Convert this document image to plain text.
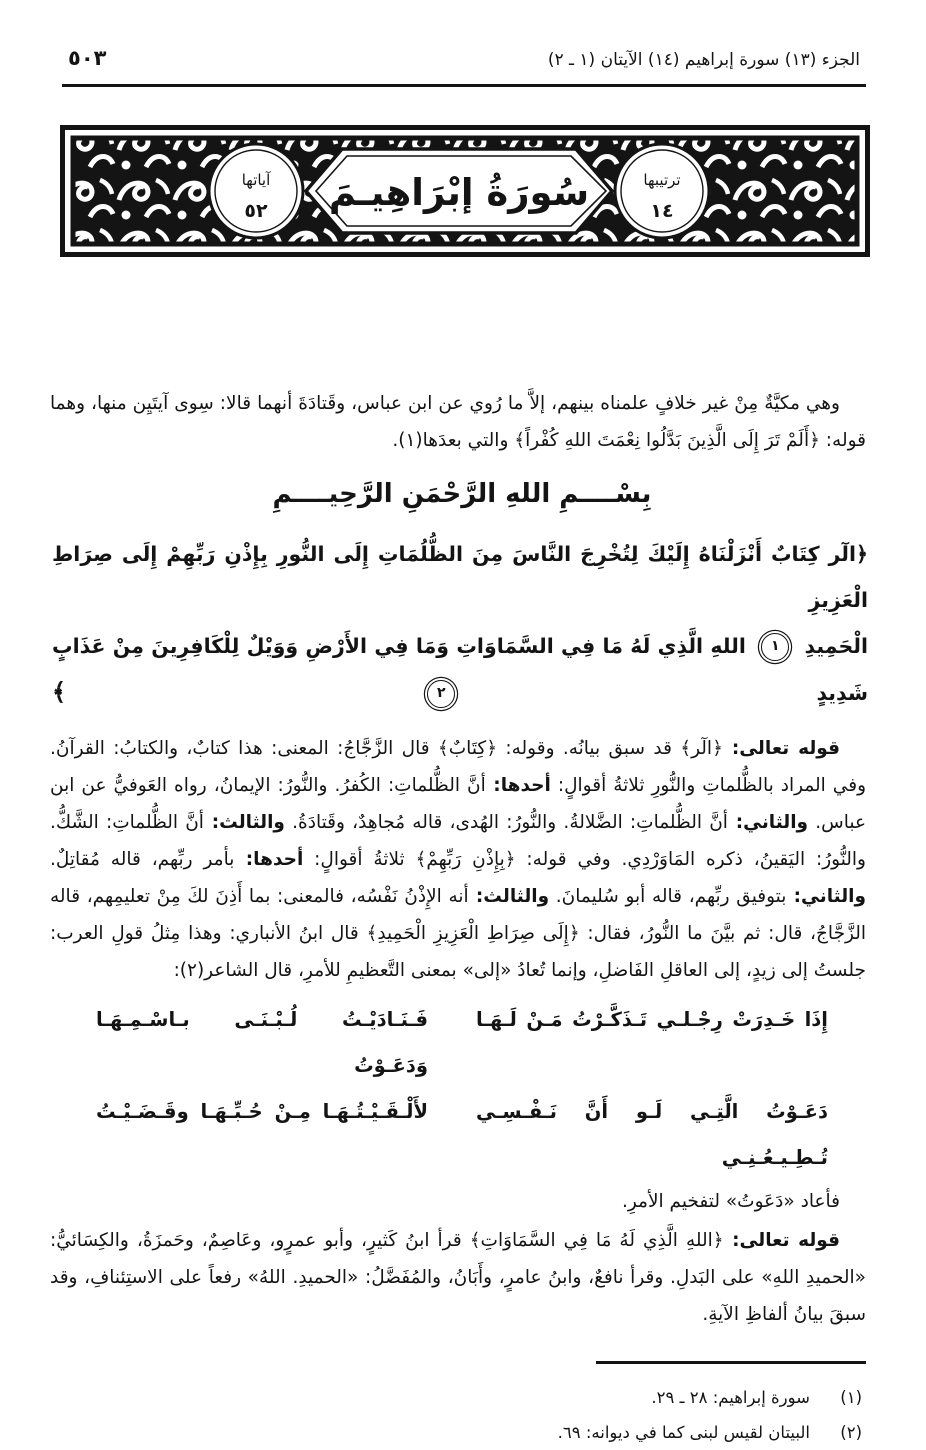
الجزء (١٣) سورة إبراهيم (١٤) الآيتان (١ ـ ٢)
٥٠٣
سُورَةُ إبْرَاهِيـمَ	ترتيبها
١٤
آياتها
٥٢

وهي مكيَّةٌ مِنْ غير خلافٍ علمناه بينهم، إلاَّ ما رُوي عن ابن عباس، وقَتادَةَ أنهما قالا: سِوى آيتَيِن منها، وهما قوله: ﴿أَلَمْ تَرَ إِلَى الَّذِينَ بَدَّلُوا نِعْمَتَ اللهِ كُفْراً﴾ والتي بعدَها(١).

بِسْــــمِ اللهِ الرَّحْمَنِ الرَّحِيــــمِ
﴿الٓر كِتَابٌ أَنْزَلْنَاهُ إِلَيْكَ لِتُخْرِجَ النَّاسَ مِنَ الظُّلُمَاتِ إِلَى النُّورِ بِإِذْنِ رَبِّهِمْ إِلَى صِرَاطِ الْعَزِيزِ
الْحَمِيدِ ١ اللهِ الَّذِي لَهُ مَا فِي السَّمَاوَاتِ وَمَا فِي الأَرْضِ وَوَيْلٌ لِلْكَافِرِينَ مِنْ عَذَابٍ شَدِيدٍ ٢ ﴾

قوله تعالى: ﴿الٓر﴾ قد سبق بيانُه. وقوله: ﴿كِتَابٌ﴾ قال الزَّجَّاجُ: المعنى: هذا كتابٌ، والكتابُ: القرآنُ. وفي المراد بالظُّلماتِ والنُّورِ ثلاثةُ أقوالٍ: أحدها: أنَّ الظُّلماتِ: الكُفرُ. والنُّورُ: الإيمانُ، رواه العَوفيُّ عن ابن عباس. والثاني: أنَّ الظُّلماتِ: الضَّلالةُ. والنُّورُ: الهُدى، قاله مُجاهِدٌ، وقَتادَةُ. والثالث: أنَّ الظُّلماتِ: الشَّكُّ. والنُّورُ: اليَقينُ، ذكره المَاوَرْدِي. وفي قوله: ﴿بِإِذْنِ رَبِّهِمْ﴾ ثلاثةُ أقوالٍ: أحدها: بأمر ربِّهم، قاله مُقاتِلٌ. والثاني: بتوفيق ربِّهم، قاله أبو سُليمانَ. والثالث: أنه الإِذْنُ نَفْسُه، فالمعنى: بما أَذِنَ لكَ مِنْ تعليمِهم، قاله الزَّجَّاجُ، قال: ثم بيَّنَ ما النُّورُ، فقال: ﴿إِلَى صِرَاطِ الْعَزِيزِ الْحَمِيدِ﴾ قال ابنُ الأنباري: وهذا مِثلُ قولِ العرب: جلستُ إلى زيدٍ، إلى العاقلِ الفَاضلِ، وإنما تُعادُ «إلى» بمعنى التَّعظيمِ للأمرِ، قال الشاعر(٢):

إِذَا خَـدِرَتْ رِجْـلـي تَـذَكَّـرْتُ مَـنْ لَـهَـا
فَـنَـادَيْـتُ لُـبْـنَـى بـاسْـمِـهَـا وَدَعَـوْتُ
دَعَـوْتُ الَّتِـي لَـو أَنَّ نَـفْـسِـي تُـطِـيـعُـنِـي
لأَلْـقَـيْـتُـهَـا مِـنْ حُـبِّـهَـا وقَـضَـيْـتُ

فأعاد «دَعَوتُ» لتفخيم الأمرِ.

قوله تعالى: ﴿اللهِ الَّذِي لَهُ مَا فِي السَّمَاوَاتِ﴾ قرأ ابنُ كَثيرٍ، وأبو عمرٍو، وعَاصِمٌ، وحَمزَةُ، والكِسَائيُّ: «الحميدِ اللهِ» على البَدلِ. وقرأ نافعٌ، وابنُ عامرٍ، وأَبَانُ، والمُفَضَّلُ: «الحميدِ. اللهُ» رفعاً على الاستِئنافِ، وقد سبقَ بيانُ ألفاظِ الآيةِ.

(١)
سورة إبراهيم: ٢٨ ـ ٢٩.
(٢)
البيتان لقيس لبنى كما في ديوانه: ٦٩.
